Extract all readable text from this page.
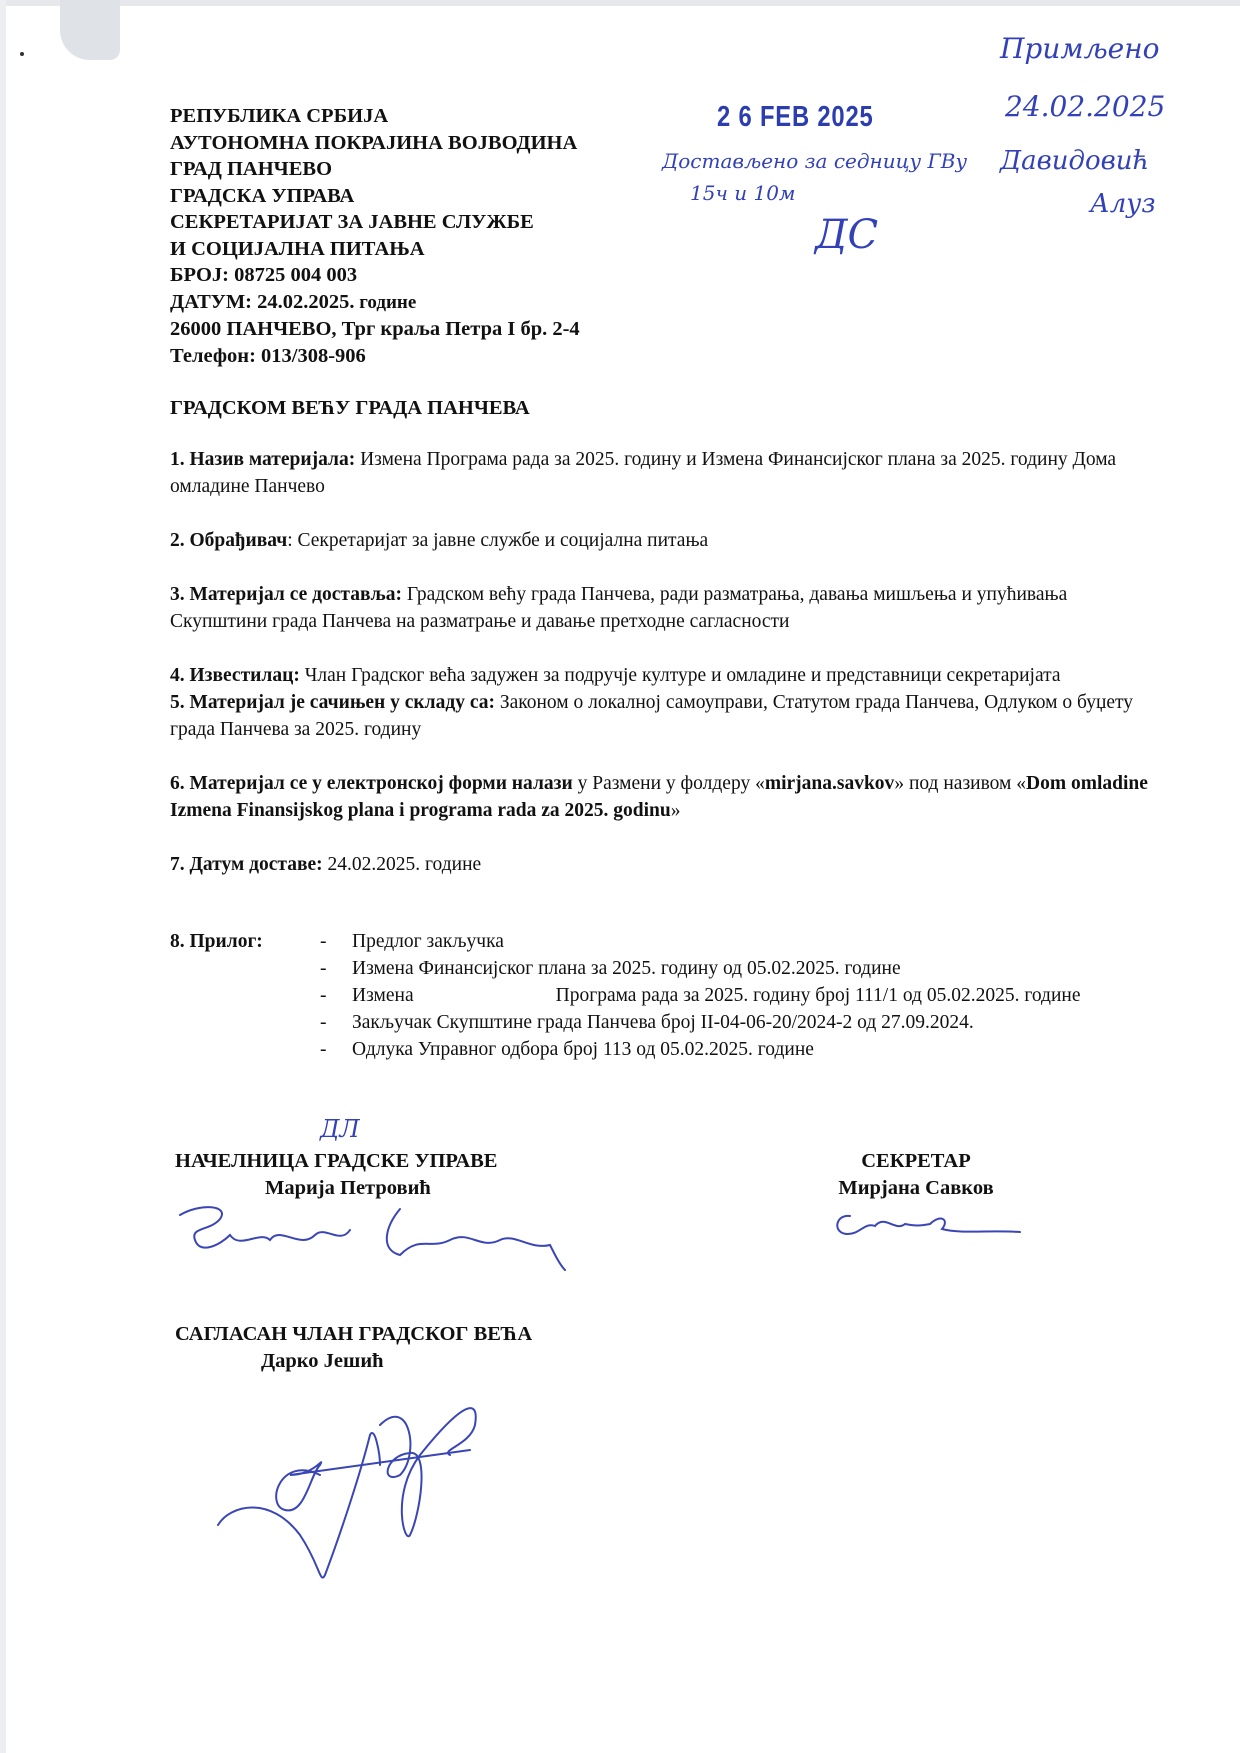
РЕПУБЛИКА СРБИЈА
АУТОНОМНА ПОКРАЈИНА ВОЈВОДИНА
ГРАД ПАНЧЕВО
ГРАДСКА УПРАВА
СЕКРЕТАРИЈАТ ЗА ЈАВНЕ СЛУЖБЕ
И СОЦИЈАЛНА ПИТАЊА
БРОЈ: 08725 004 003
ДАТУМ: 24.02.2025. године
26000 ПАНЧЕВО, Трг краља Петра I бр. 2-4
Телефон: 013/308-906
2 6 FEB 2025
Примљено
24.02.2025
Давидовић
Алуз
Достављено за седницу ГВу
15ч и 10м
ДС
ГРАДСКОМ ВЕЋУ ГРАДА ПАНЧЕВА

1. Назив материјала: Измена Програма рада за 2025. годину и Измена Финансијског плана за 2025. годину Дома омладине Панчево

2. Обрађивач: Секретаријат за јавне службе и социјална питања

3. Материјал се доставља: Градском већу града Панчева, ради разматрања, давања мишљења и упућивања Скупштини града Панчева на разматрање и давање претходне сагласности

4. Известилац: Члан Градског већа задужен за подручје културе и омладине и представници секретаријата

5. Материјал је сачињен у складу са: Законом о локалној самоуправи, Статутом града Панчева, Одлуком о буџету града Панчева за 2025. годину

6. Материјал се у електронској форми налази у Размени у фолдеру «mirjana.savkov» под називом «Dom omladine Izmena Finansijskog plana i programa rada za 2025. godinu»

7. Датум доставе: 24.02.2025. године

8. Прилог:	- Предлог закључка
- Измена Финансијског плана за 2025. годину од 05.02.2025. године
- Измена	Програма рада за 2025. годину број 111/1 од 05.02.2025. године
- Закључак Скупштине града Панчева број II-04-06-20/2024-2 од 27.09.2024.
- Одлука Управног одбора број 113 од 05.02.2025. године
ДЛ
НАЧЕЛНИЦА ГРАДСКЕ УПРАВЕ
Марија Петровић
СЕКРЕТАР
Мирјана Савков
САГЛАСАН ЧЛАН ГРАДСКОГ ВЕЋА
Дарко Јешић
